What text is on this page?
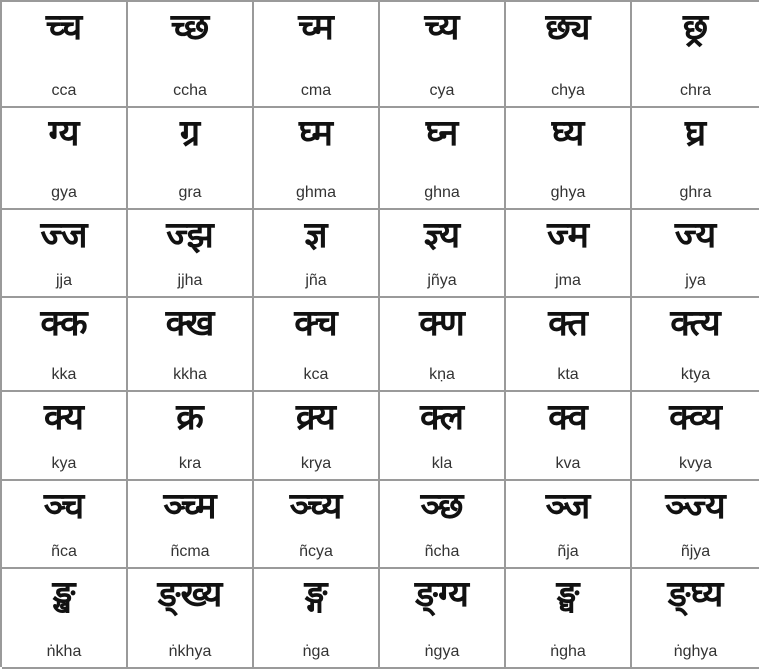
च्च
cca
च्छ
ccha
च्म
cma
च्य
cya
छ्य
chya
छ्र
chra
ग्य
gya
ग्र
gra
घ्म
ghma
घ्न
ghna
घ्य
ghya
घ्र
ghra
ज्ज
jja
ज्झ
jjha
ज्ञ
jña
ज्ञ्य
jñya
ज्म
jma
ज्य
jya
क्क
kka
क्ख
kkha
क्च
kca
क्ण
kṇa
क्त
kta
क्त्य
ktya
क्य
kya
क्र
kra
क्र्य
krya
क्ल
kla
क्व
kva
क्व्य
kvya
ञ्च
ñca
ञ्च्म
ñcma
ञ्च्य
ñcya
ञ्छ
ñcha
ञ्ज
ñja
ञ्ज्य
ñjya
ङ्ख
ṅkha
ङ्ख्य
ṅkhya
ङ्ग
ṅga
ङ्ग्य
ṅgya
ङ्घ
ṅgha
ङ्घ्य
ṅghya
